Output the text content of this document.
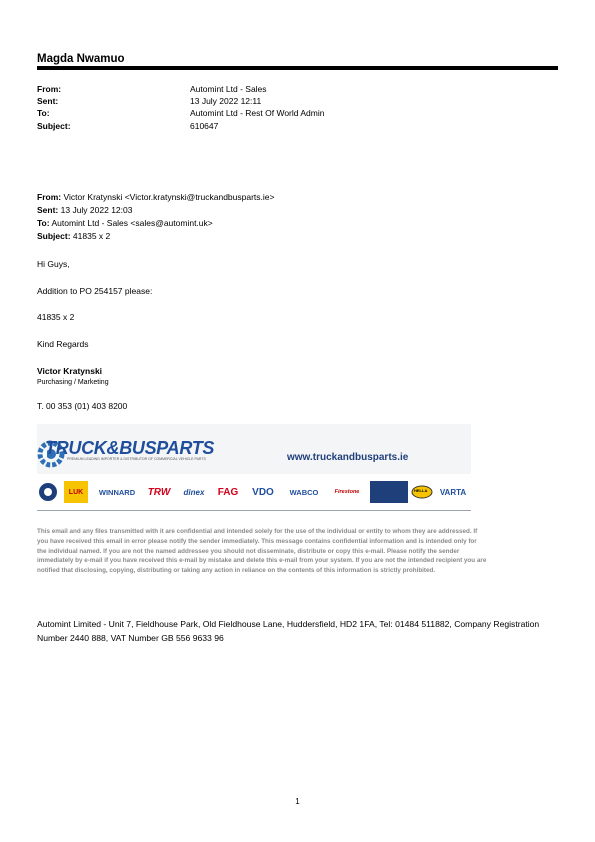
Magda Nwamuo
From:	Automint Ltd - Sales
Sent:	13 July 2022 12:11
To:	Automint Ltd - Rest Of World Admin
Subject:	610647
From: Victor Kratynski <Victor.kratynski@truckandbusparts.ie>
Sent: 13 July 2022 12:03
To: Automint Ltd - Sales <sales@automint.uk>
Subject: 41835 x 2
Hi Guys,
Addition to PO 254157 please:
41835 x 2
Kind Regards
Victor Kratynski
Purchasing / Marketing
T. 00 353 (01) 403 8200
TRUCK&BUSPARTS
PREMIUM LEADING IMPORTER & DISTRIBUTOR OF COMMERCIAL VEHICLE PARTS	www.truckandbusparts.ie
LUK	WINNARD	TRW	dinex	FAG	VDO	WABCO	Firestone	HELLA	VARTA
This email and any files transmitted with it are confidential and intended solely for the use of the individual or entity to whom they are addressed. If you have received this email in error please notify the sender immediately. This message contains confidential information and is intended only for the individual named. If you are not the named addressee you should not disseminate, distribute or copy this e-mail. Please notify the sender immediately by e-mail if you have received this e-mail by mistake and delete this e-mail from your system. If you are not the intended recipient you are notified that disclosing, copying, distributing or taking any action in reliance on the contents of this information is strictly prohibited.
Automint Limited - Unit 7, Fieldhouse Park, Old Fieldhouse Lane, Huddersfield, HD2 1FA, Tel: 01484 511882, Company Registration Number 2440 888, VAT Number GB 556 9633 96
1
